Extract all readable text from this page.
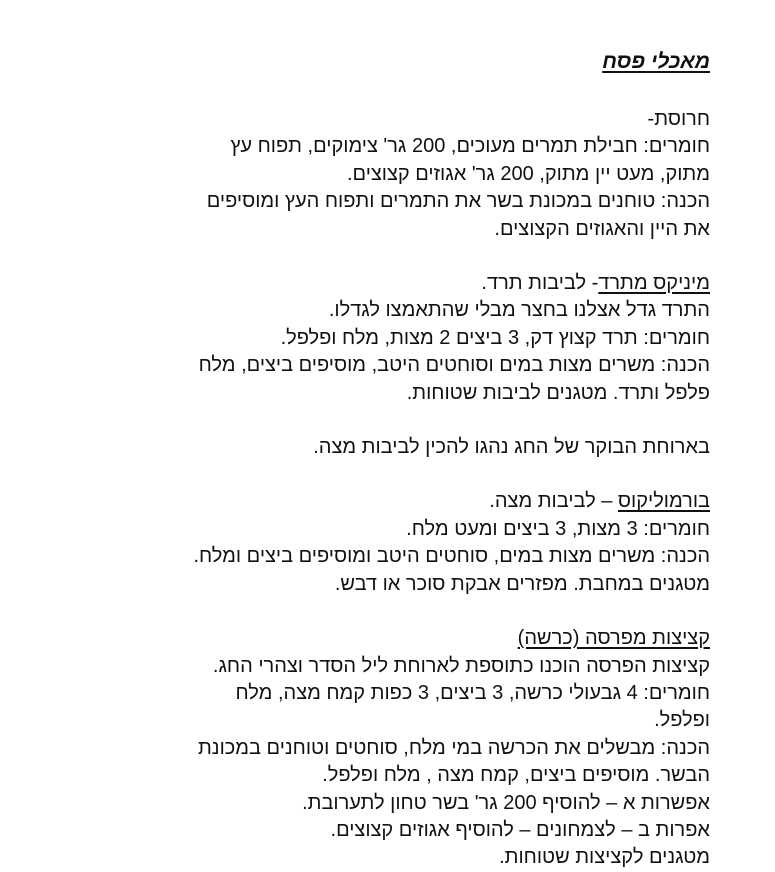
מאכלי פסח
חרוסת-
חומרים: חבילת תמרים מעוכים, 200 גר' צימוקים, תפוח עץ
מתוק, מעט יין מתוק, 200 גר' אגוזים קצוצים.
הכנה: טוחנים במכונת בשר את התמרים ותפוח העץ ומוסיפים
את היין והאגוזים הקצוצים.
מיניקס מתרד- לביבות תרד.
התרד גדל אצלנו בחצר מבלי שהתאמצו לגדלו.
חומרים: תרד קצוץ דק, 3 ביצים 2 מצות, מלח ופלפל.
הכנה: משרים מצות במים וסוחטים היטב, מוסיפים ביצים, מלח
פלפל ותרד. מטגנים לביבות שטוחות.
בארוחת הבוקר של החג נהגו להכין לביבות מצה.
בורמוליקוס – לביבות מצה.
חומרים: 3 מצות, 3 ביצים ומעט מלח.
הכנה: משרים מצות במים, סוחטים היטב ומוסיפים ביצים ומלח.
מטגנים במחבת. מפזרים אבקת סוכר או דבש.
קציצות מפרסה (כרשה)
קציצות הפרסה הוכנו כתוספת לארוחת ליל הסדר וצהרי החג.
חומרים: 4 גבעולי כרשה, 3 ביצים, 3 כפות קמח מצה, מלח
ופלפל.
הכנה: מבשלים את הכרשה במי מלח, סוחטים וטוחנים במכונת
הבשר. מוסיפים ביצים, קמח מצה , מלח ופלפל.
אפשרות א – להוסיף 200 גר' בשר טחון לתערובת.
אפרות ב – לצמחונים – להוסיף אגוזים קצוצים.
מטגנים לקציצות שטוחות.
